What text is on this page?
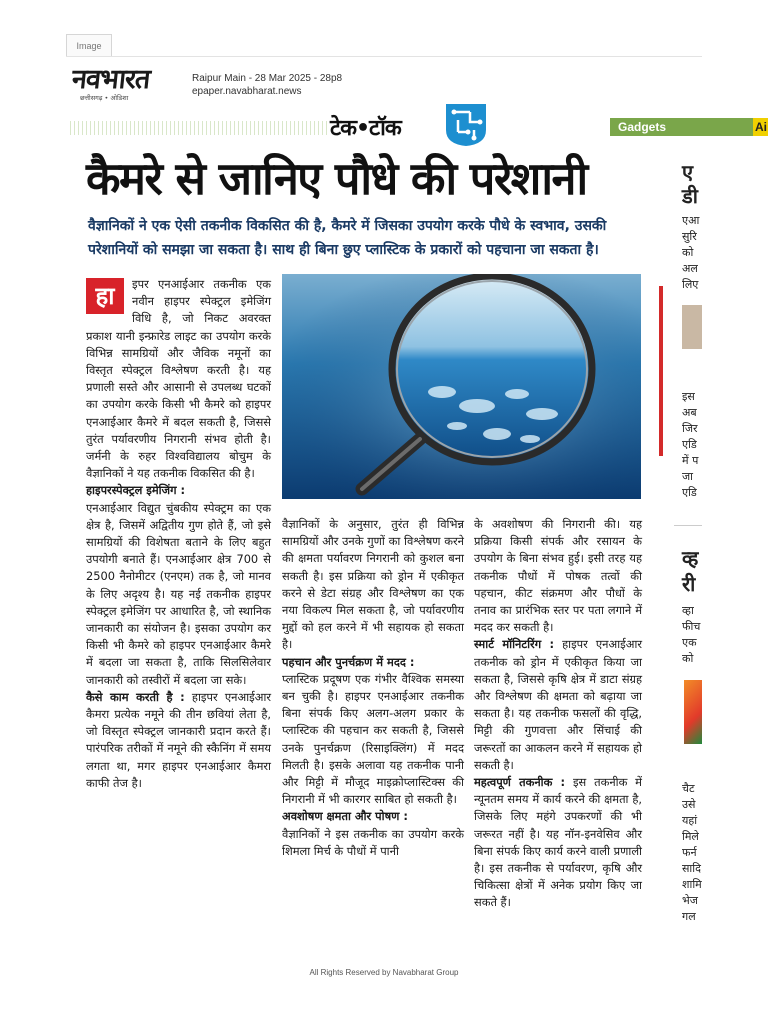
Image
नवभारत
छत्तीसगढ़ • ओडिशा
Raipur Main - 28 Mar 2025 - 28p8
epaper.navabharat.news
Gadgets	Ai
टेक•टॉक
कैमरे से जानिए पौधे की परेशानी
वैज्ञानिकों ने एक ऐसी तकनीक विकसित की है, कैमरे में जिसका उपयोग करके पौधे के स्वभाव, उसकी परेशानियों को समझा जा सकता है। साथ ही बिना छुए प्लास्टिक के प्रकारों को पहचाना जा सकता है।
हा	इपर एनआईआर तकनीक एक नवीन हाइपर स्पेक्ट्रल इमेजिंग विधि है, जो निकट अवरक्त प्रकाश यानी इन्फ्रारेड लाइट का उपयोग करके विभिन्न सामग्रियों और जैविक नमूनों का विस्तृत स्पेक्ट्रल विश्लेषण करती है। यह प्रणाली सस्ते और आसानी से उपलब्ध घटकों का उपयोग करके किसी भी कैमरे को हाइपर एनआईआर कैमरे में बदल सकती है, जिससे तुरंत पर्यावरणीय निगरानी संभव होती है। जर्मनी के रुहर विश्वविद्यालय बोचुम के वैज्ञानिकों ने यह तकनीक विकसित की है।
हाइपरस्पेक्ट्रल इमेजिंग :
एनआईआर विद्युत चुंबकीय स्पेक्ट्रम का एक क्षेत्र है, जिसमें अद्वितीय गुण होते हैं, जो इसे सामग्रियों की विशेषता बताने के लिए बहुत उपयोगी बनाते हैं। एनआईआर क्षेत्र 700 से 2500 नैनोमीटर (एनएम) तक है, जो मानव के लिए अदृश्य है। यह नई तकनीक हाइपर स्पेक्ट्रल इमेजिंग पर आधारित है, जो स्थानिक जानकारी का संयोजन है। इसका उपयोग कर किसी भी कैमरे को हाइपर एनआईआर कैमरे में बदला जा सकता है, ताकि सिलसिलेवार जानकारी को तस्वीरों में बदला जा सके।
कैसे काम करती है : हाइपर एनआईआर कैमरा प्रत्येक नमूने की तीन छवियां लेता है, जो विस्तृत स्पेक्ट्रल जानकारी प्रदान करते हैं। पारंपरिक तरीकों में नमूने की स्कैनिंग में समय लगता था, मगर हाइपर एनआईआर कैमरा काफी तेज है।
वैज्ञानिकों के अनुसार, तुरंत ही विभिन्न सामग्रियों और उनके गुणों का विश्लेषण करने की क्षमता पर्यावरण निगरानी को कुशल बना सकती है। इस प्रक्रिया को ड्रोन में एकीकृत करने से डेटा संग्रह और विश्लेषण का एक नया विकल्प मिल सकता है, जो पर्यावरणीय मुद्दों को हल करने में भी सहायक हो सकता है।
पहचान और पुनर्चक्रण में मदद :
प्लास्टिक प्रदूषण एक गंभीर वैश्विक समस्या बन चुकी है। हाइपर एनआईआर तकनीक बिना संपर्क किए अलग-अलग प्रकार के प्लास्टिक की पहचान कर सकती है, जिससे उनके पुनर्चक्रण (रिसाइक्लिंग) में मदद मिलती है। इसके अलावा यह तकनीक पानी और मिट्टी में मौजूद माइक्रोप्लास्टिक्स की निगरानी में भी कारगर साबित हो सकती है।
अवशोषण क्षमता और पोषण :
वैज्ञानिकों ने इस तकनीक का उपयोग करके शिमला मिर्च के पौधों में पानी
के अवशोषण की निगरानी की। यह प्रक्रिया किसी संपर्क और रसायन के उपयोग के बिना संभव हुई। इसी तरह यह तकनीक पौधों में पोषक तत्वों की पहचान, कीट संक्रमण और पौधों के तनाव का प्रारंभिक स्तर पर पता लगाने में मदद कर सकती है।
स्मार्ट मॉनिटरिंग : हाइपर एनआईआर तकनीक को ड्रोन में एकीकृत किया जा सकता है, जिससे कृषि क्षेत्र में डाटा संग्रह और विश्लेषण की क्षमता को बढ़ाया जा सकता है। यह तकनीक फसलों की वृद्धि, मिट्टी की गुणवत्ता और सिंचाई की जरूरतों का आकलन करने में सहायक हो सकती है।
महत्वपूर्ण तकनीक : इस तकनीक में न्यूनतम समय में कार्य करने की क्षमता है, जिसके लिए महंगे उपकरणों की भी जरूरत नहीं है। यह नॉन-इनवेसिव और बिना संपर्क किए कार्य करने वाली प्रणाली है। इस तकनीक से पर्यावरण, कृषि और चिकित्सा क्षेत्रों में अनेक प्रयोग किए जा सकते हैं।
ए
डी
एआ
सुरि
को
अल
लिए
इस
अब
जिर
एडि
में प
जा
एडि
व्ह
री
व्हा
फीच
एक
को
चैट
उसे
यहां
मिले
फर्न
सादि
शामि
भेज
गल
All Rights Reserved by Navabharat Group
